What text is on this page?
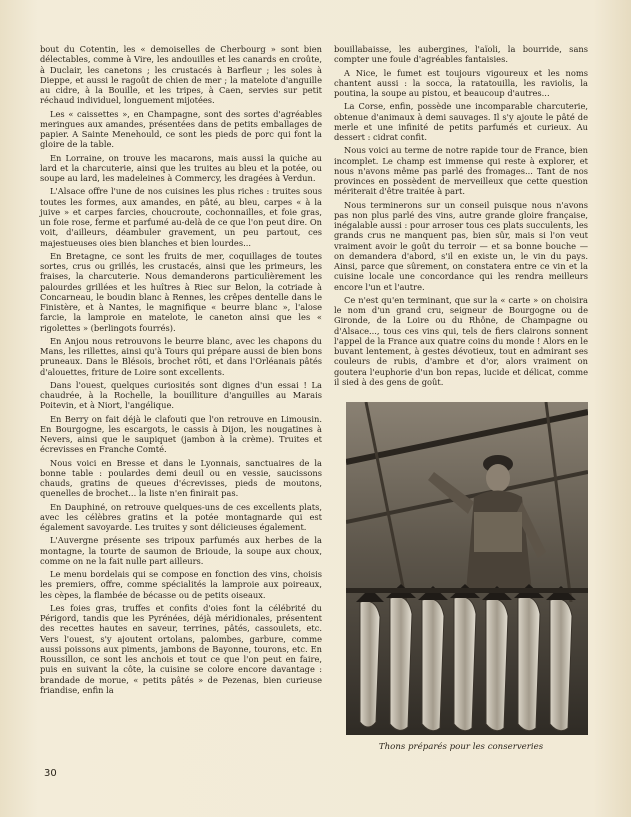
bout du Cotentin, les « demoiselles de Cherbourg » sont bien délectables, comme à Vire, les andouilles et les canards en croûte, à Duclair, les canetons ; les crustacés à Barfleur ; les soles à Dieppe, et aussi le ragoût de chien de mer ; la matelote d'anguille au cidre, à la Bouille, et les tripes, à Caen, servies sur petit réchaud individuel, longuement mijotées.

Les « caissettes », en Champagne, sont des sortes d'agréables meringues aux amandes, présentées dans de petits emballages de papier. A Sainte Menehould, ce sont les pieds de porc qui font la gloire de la table.

En Lorraine, on trouve les macarons, mais aussi la quiche au lard et la charcuterie, ainsi que les truites au bleu et la potée, ou soupe au lard, les madeleines à Commercy, les dragées à Verdun.

L'Alsace offre l'une de nos cuisines les plus riches : truites sous toutes les formes, aux amandes, en pâté, au bleu, carpes « à la juive » et carpes farcies, choucroute, cochonnailles, et foie gras, un foie rose, ferme et parfumé au-delà de ce que l'on peut dire. On voit, d'ailleurs, déambuler gravement, un peu partout, ces majestueuses oies bien blanches et bien lourdes...

En Bretagne, ce sont les fruits de mer, coquillages de toutes sortes, crus ou grillés, les crustacés, ainsi que les primeurs, les fraises, la charcuterie. Nous demanderons particulièrement les palourdes grillées et les huîtres à Riec sur Belon, la cotriade à Concarneau, le boudin blanc à Rennes, les crêpes dentelle dans le Finistère, et à Nantes, le magnifique « beurre blanc », l'alose farcie, la lamproie en matelote, le caneton ainsi que les « rigolettes » (berlingots fourrés).

En Anjou nous retrouvons le beurre blanc, avec les chapons du Mans, les rillettes, ainsi qu'à Tours qui prépare aussi de bien bons pruneaux. Dans le Blésois, brochet rôti, et dans l'Orléanais pâtés d'alouettes, friture de Loire sont excellents.

Dans l'ouest, quelques curiosités sont dignes d'un essai ! La chaudrée, à la Rochelle, la bouilliture d'anguilles au Marais Poitevin, et à Niort, l'angélique.

En Berry on fait déjà le clafouti que l'on retrouve en Limousin. En Bourgogne, les escargots, le cassis à Dijon, les nougatines à Nevers, ainsi que le saupiquet (jambon à la crème). Truites et écrevisses en Franche Comté.

Nous voici en Bresse et dans le Lyonnais, sanctuaires de la bonne table : poulardes demi deuil ou en vessie, saucissons chauds, gratins de queues d'écrevisses, pieds de moutons, quenelles de brochet... la liste n'en finirait pas.

En Dauphiné, on retrouve quelques-uns de ces excellents plats, avec les célèbres gratins et la potée montagnarde qui est également savoyarde. Les truites y sont délicieuses également.

L'Auvergne présente ses tripoux parfumés aux herbes de la montagne, la tourte de saumon de Brioude, la soupe aux choux, comme on ne la fait nulle part ailleurs.

Le menu bordelais qui se compose en fonction des vins, choisis les premiers, offre, comme spécialités la lamproie aux poireaux, les cèpes, la flambée de bécasse ou de petits oiseaux.

Les foies gras, truffes et confits d'oies font la célébrité du Périgord, tandis que les Pyrénées, déjà méridionales, présentent des recettes hautes en saveur, terrines, pâtés, cassoulets, etc. Vers l'ouest, s'y ajoutent ortolans, palombes, garbure, comme aussi poissons aux piments, jambons de Bayonne, tourons, etc. En Roussillon, ce sont les anchois et tout ce que l'on peut en faire, puis en suivant la côte, la cuisine se colore encore davantage : brandade de morue, « petits pâtés » de Pezenas, bien curieuse friandise, enfin la

bouillabaisse, les aubergines, l'aïoli, la bourride, sans compter une foule d'agréables fantaisies.

A Nice, le fumet est toujours vigoureux et les noms chantent aussi : la socca, la ratatouilla, les raviolis, la poutina, la soupe au pistou, et beaucoup d'autres...

La Corse, enfin, possède une incomparable charcuterie, obtenue d'animaux à demi sauvages. Il s'y ajoute le pâté de merle et une infinité de petits parfumés et curieux. Au dessert : cidrat confit.

Nous voici au terme de notre rapide tour de France, bien incomplet. Le champ est immense qui reste à explorer, et nous n'avons même pas parlé des fromages... Tant de nos provinces en possèdent de merveilleux que cette question mériterait d'être traitée à part.

Nous terminerons sur un conseil puisque nous n'avons pas non plus parlé des vins, autre grande gloire française, inégalable aussi : pour arroser tous ces plats succulents, les grands crus ne manquent pas, bien sûr, mais si l'on veut vraiment avoir le goût du terroir — et sa bonne bouche — on demandera d'abord, s'il en existe un, le vin du pays. Ainsi, parce que sûrement, on constatera entre ce vin et la cuisine locale une concordance qui les rendra meilleurs encore l'un et l'autre.

Ce n'est qu'en terminant, que sur la « carte » on choisira le nom d'un grand cru, seigneur de Bourgogne ou de Gironde, de la Loire ou du Rhône, de Champagne ou d'Alsace..., tous ces vins qui, tels de fiers clairons sonnent l'appel de la France aux quatre coins du monde ! Alors en le buvant lentement, à gestes dévotieux, tout en admirant ses couleurs de rubis, d'ambre et d'or, alors vraiment on goutera l'euphorie d'un bon repas, lucide et délicat, comme il sied à des gens de goût.

Thons préparés pour les conserveries
30
